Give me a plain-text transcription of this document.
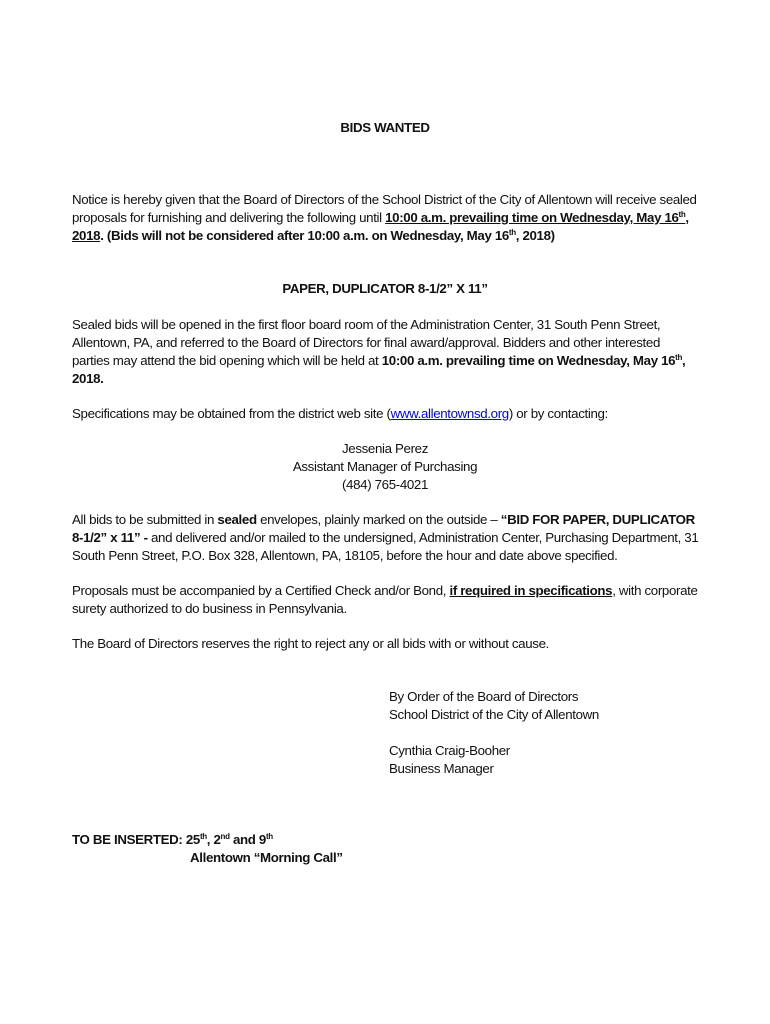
BIDS WANTED
Notice is hereby given that the Board of Directors of the School District of the City of Allentown will receive sealed
proposals for furnishing and delivering the following until 10:00 a.m. prevailing time on Wednesday, May 16th,
2018. (Bids will not be considered after 10:00 a.m. on Wednesday, May 16th, 2018)
PAPER, DUPLICATOR 8-1/2” X 11”
Sealed bids will be opened in the first floor board room of the Administration Center, 31 South Penn Street,
Allentown, PA, and referred to the Board of Directors for final award/approval. Bidders and other interested
parties may attend the bid opening which will be held at 10:00 a.m. prevailing time on Wednesday, May 16th,
2018.
Specifications may be obtained from the district web site (www.allentownsd.org) or by contacting:
Jessenia Perez
Assistant Manager of Purchasing
(484) 765-4021
All bids to be submitted in sealed envelopes, plainly marked on the outside – “BID FOR PAPER, DUPLICATOR
8-1/2” x 11” - and delivered and/or mailed to the undersigned, Administration Center, Purchasing Department, 31
South Penn Street, P.O. Box 328, Allentown, PA, 18105, before the hour and date above specified.
Proposals must be accompanied by a Certified Check and/or Bond, if required in specifications, with corporate
surety authorized to do business in Pennsylvania.
The Board of Directors reserves the right to reject any or all bids with or without cause.
By Order of the Board of Directors
School District of the City of Allentown
Cynthia Craig-Booher
Business Manager
TO BE INSERTED: 25th, 2nd and 9th
Allentown “Morning Call”
